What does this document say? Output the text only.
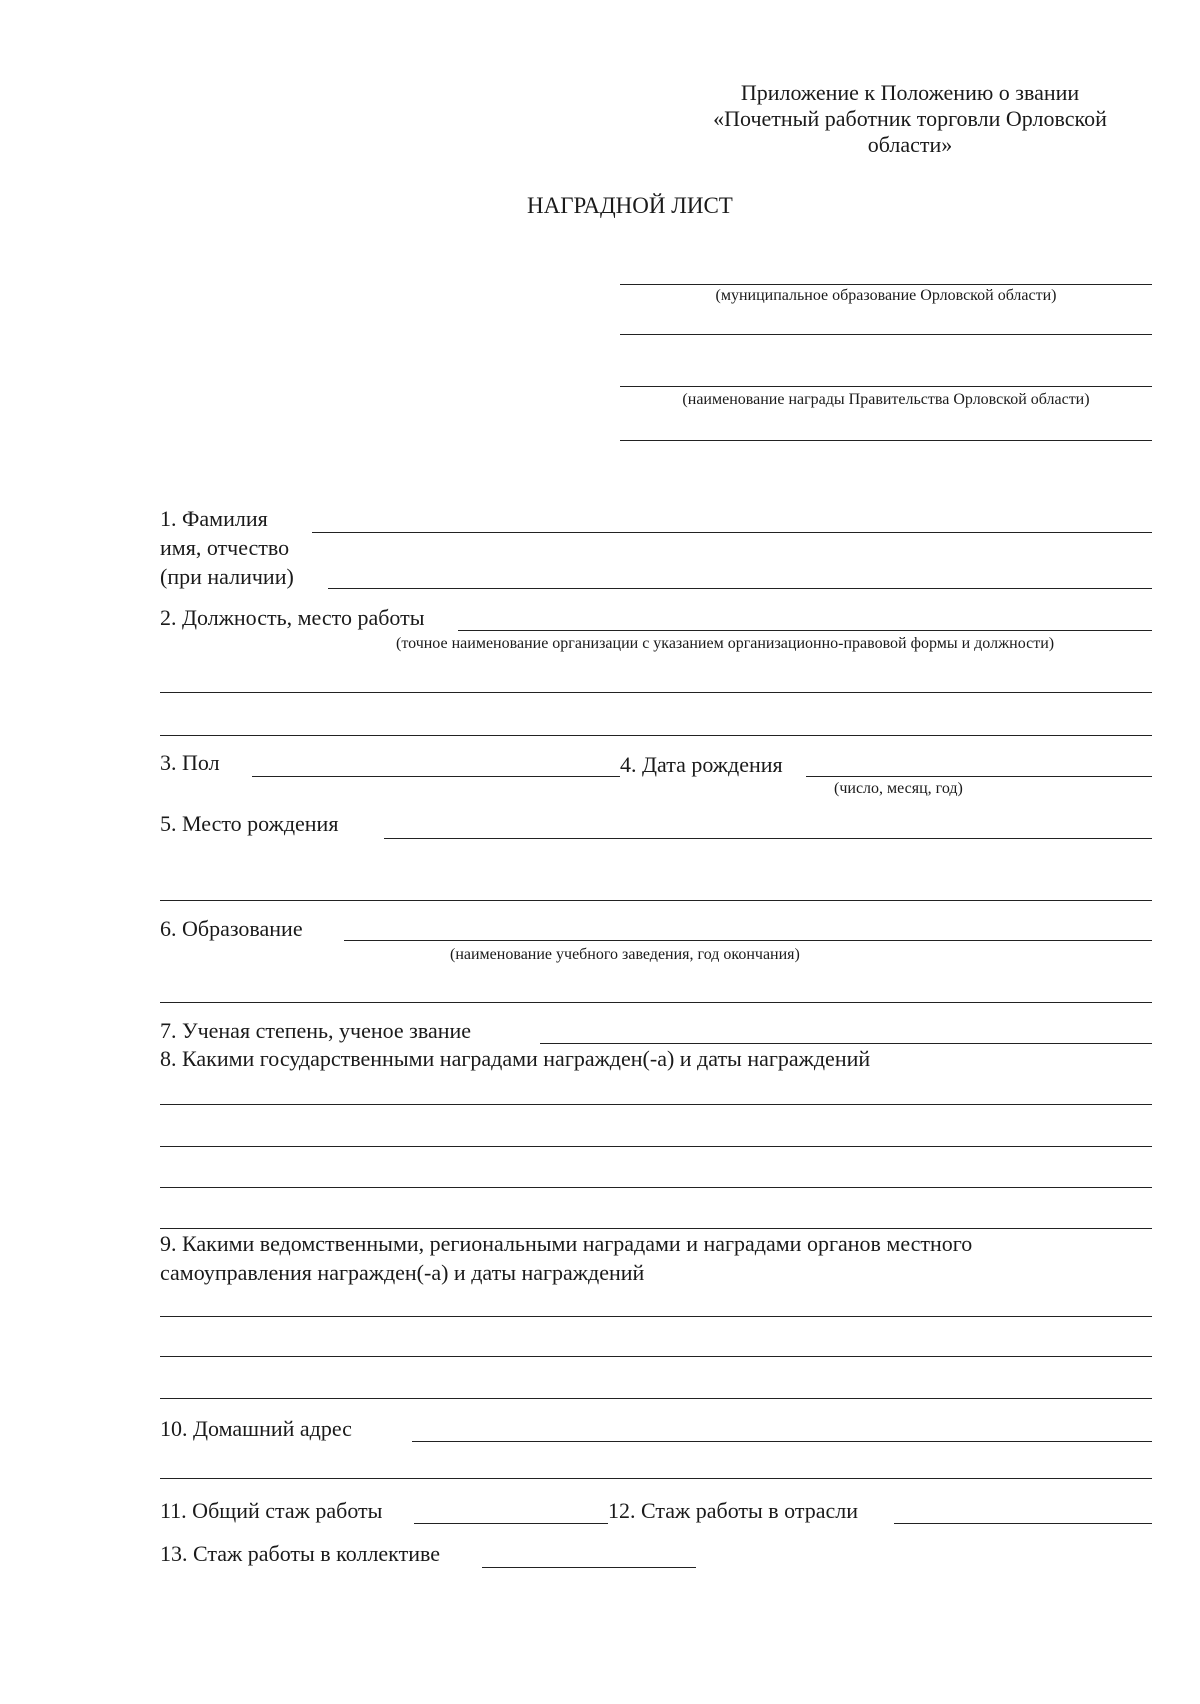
Приложение к Положению о звании
«Почетный работник торговли Орловской
области»
НАГРАДНОЙ ЛИСТ
(муниципальное образование Орловской области)
(наименование награды Правительства Орловской области)
1. Фамилия
имя, отчество
(при наличии)
2. Должность, место работы
(точное наименование организации с указанием организационно-правовой формы и должности)
3. Пол	4. Дата рождения
(число, месяц, год)
5. Место рождения
6. Образование
(наименование учебного заведения, год окончания)
7. Ученая степень, ученое звание
8. Какими государственными наградами награжден(-а) и даты награждений
9. Какими ведомственными, региональными наградами и наградами органов местного
самоуправления награжден(-а) и даты награждений
10. Домашний адрес
11. Общий стаж работы	12. Стаж работы в отрасли
13. Стаж работы в коллективе
